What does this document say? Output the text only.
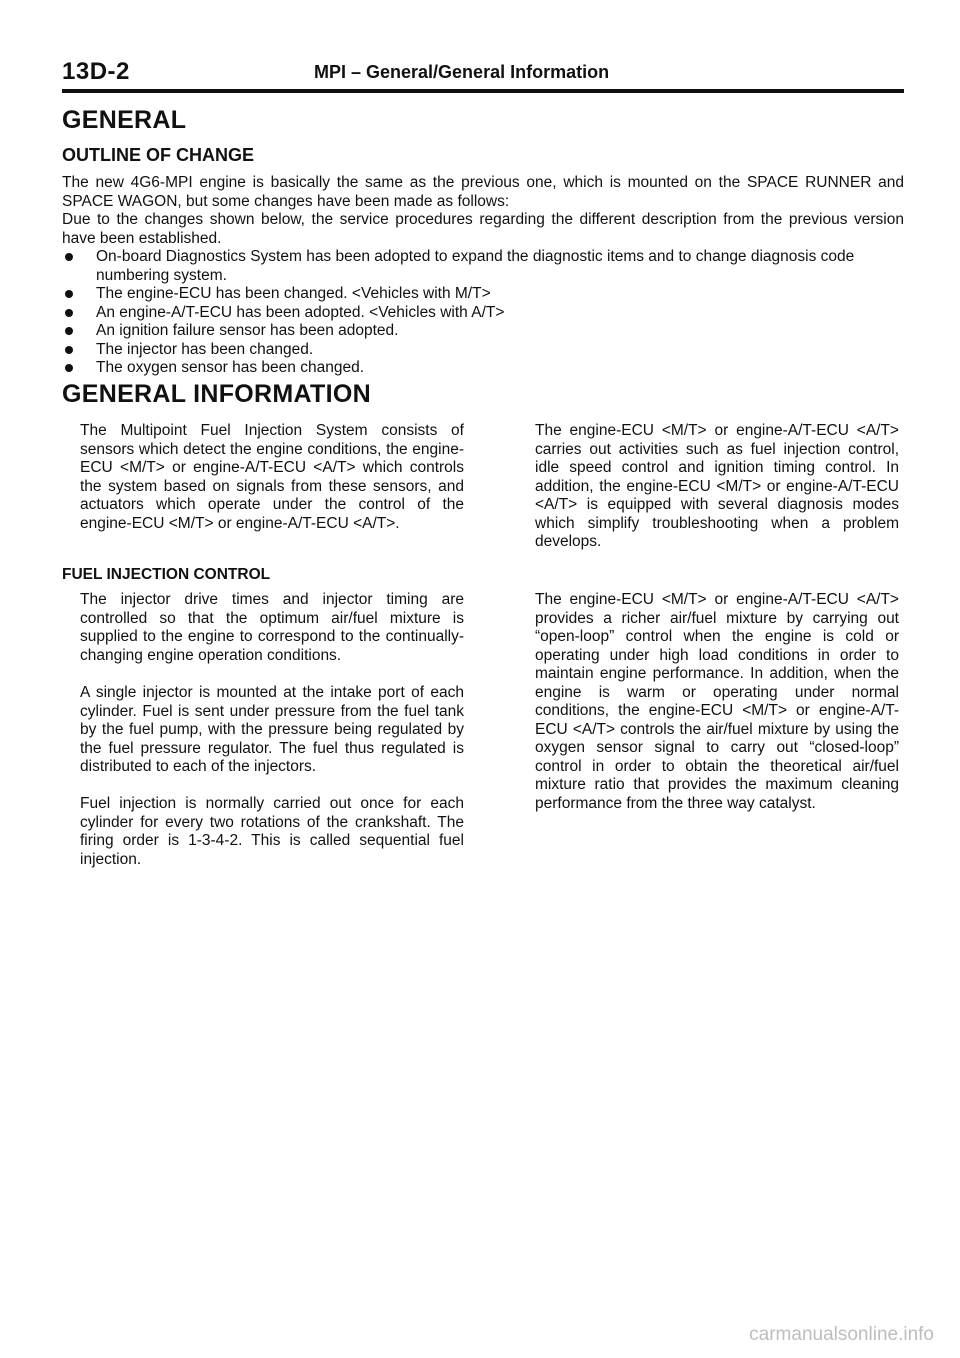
13D-2	MPI – General/General Information
GENERAL
OUTLINE OF CHANGE

The new 4G6-MPI engine is basically the same as the previous one, which is mounted on the SPACE RUNNER and SPACE WAGON, but some changes have been made as follows:

Due to the changes shown below, the service procedures regarding the different description from the previous version have been established.

On-board Diagnostics System has been adopted to expand the diagnostic items and to change diagnosis code numbering system.
The engine-ECU has been changed. <Vehicles with M/T>
An engine-A/T-ECU has been adopted. <Vehicles with A/T>
An ignition failure sensor has been adopted.
The injector has been changed.
The oxygen sensor has been changed.
GENERAL INFORMATION

The Multipoint Fuel Injection System consists of sensors which detect the engine conditions, the engine-ECU <M/T> or engine-A/T-ECU <A/T> which controls the system based on signals from these sensors, and actuators which operate under the control of the engine-ECU <M/T> or engine-A/T-ECU <A/T>.

The engine-ECU <M/T> or engine-A/T-ECU <A/T> carries out activities such as fuel injection control, idle speed control and ignition timing control. In addition, the engine-ECU <M/T> or engine-A/T-ECU <A/T> is equipped with several diagnosis modes which simplify troubleshooting when a problem develops.

FUEL INJECTION CONTROL

The injector drive times and injector timing are controlled so that the optimum air/fuel mixture is supplied to the engine to correspond to the continually-changing engine operation conditions.

A single injector is mounted at the intake port of each cylinder. Fuel is sent under pressure from the fuel tank by the fuel pump, with the pressure being regulated by the fuel pressure regulator. The fuel thus regulated is distributed to each of the injectors.

Fuel injection is normally carried out once for each cylinder for every two rotations of the crankshaft. The firing order is 1-3-4-2. This is called sequential fuel injection.

The engine-ECU <M/T> or engine-A/T-ECU <A/T> provides a richer air/fuel mixture by carrying out “open-loop” control when the engine is cold or operating under high load conditions in order to maintain engine performance. In addition, when the engine is warm or operating under normal conditions, the engine-ECU <M/T> or engine-A/T-ECU <A/T> controls the air/fuel mixture by using the oxygen sensor signal to carry out “closed-loop” control in order to obtain the theoretical air/fuel mixture ratio that provides the maximum cleaning performance from the three way catalyst.

carmanualsonline.info
